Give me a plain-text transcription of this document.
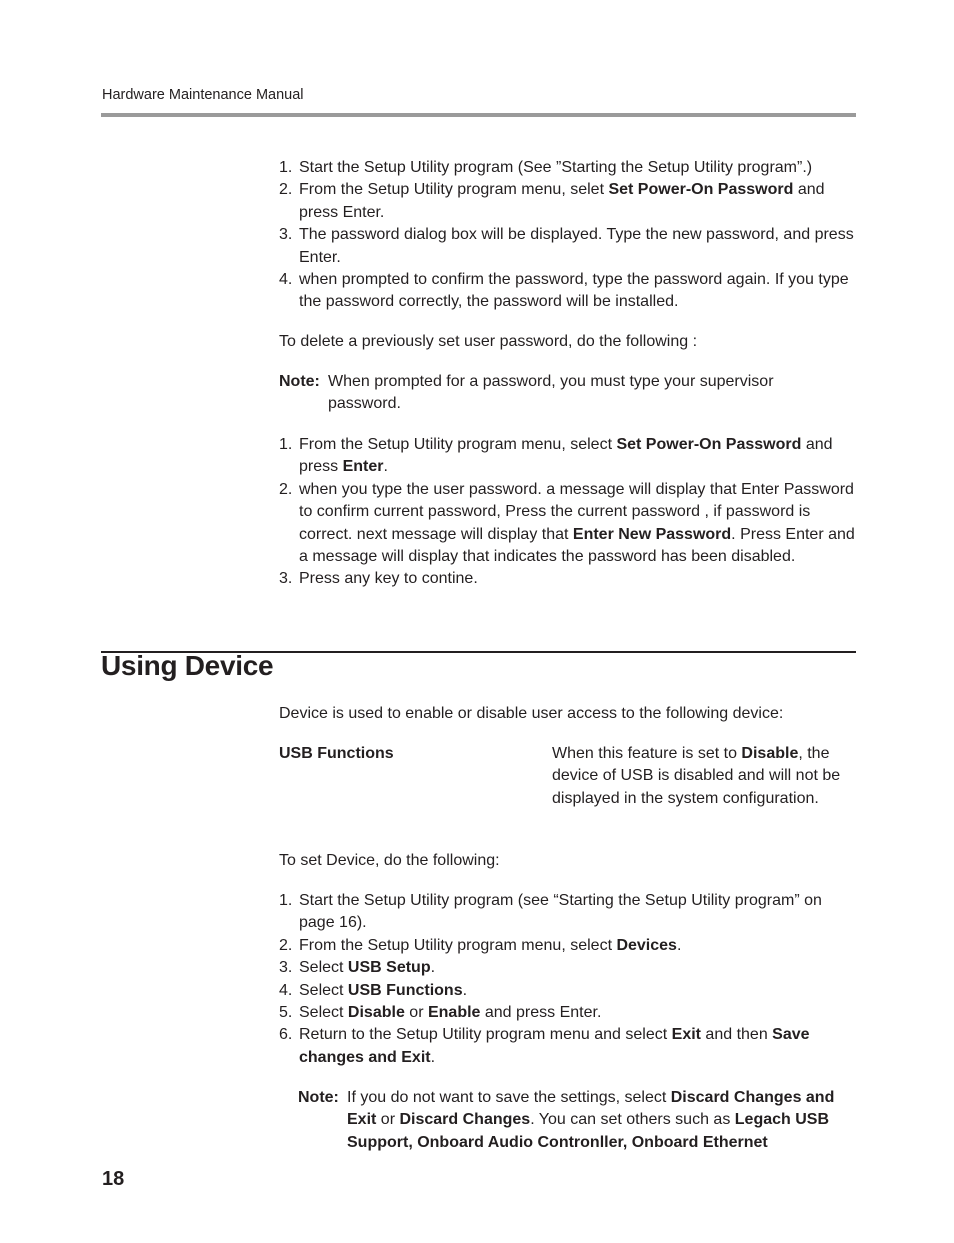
Hardware Maintenance Manual
1. Start the Setup Utility program (See ”Starting the Setup Utility program”.)
2. From the Setup Utility program menu, selet Set Power-On Password and press Enter.
3. The password dialog box will be displayed. Type the new password, and press Enter.
4. when prompted to confirm the password, type the password again. If you type the password correctly, the password will be installed.

To delete a previously set user password, do the following :

Note: When prompted for a password, you must type your supervisor password.
1. From the Setup Utility program menu, select Set Power-On Password and press Enter.
2. when you type the user password. a message will display that Enter Password to confirm current password, Press the current password , if password is correct. next message will display that Enter New Password. Press Enter and a message will display that indicates the password has been disabled.
3. Press any key to contine.
Using Device

Device is used to enable or disable user access to the following device:

USB Functions	When this feature is set to Disable, the device of USB is disabled and will not be displayed in the system configuration.

To set Device, do the following:

1. Start the Setup Utility program (see “Starting the Setup Utility program” on page 16).
2. From the Setup Utility program menu, select Devices.
3. Select USB Setup.
4. Select USB Functions.
5. Select Disable or Enable and press Enter.
6. Return to the Setup Utility program menu and select Exit and then Save changes and Exit.
Note: If you do not want to save the settings, select Discard Changes and Exit or Discard Changes. You can set others such as Legach USB Support, Onboard Audio Contronller, Onboard Ethernet
18
